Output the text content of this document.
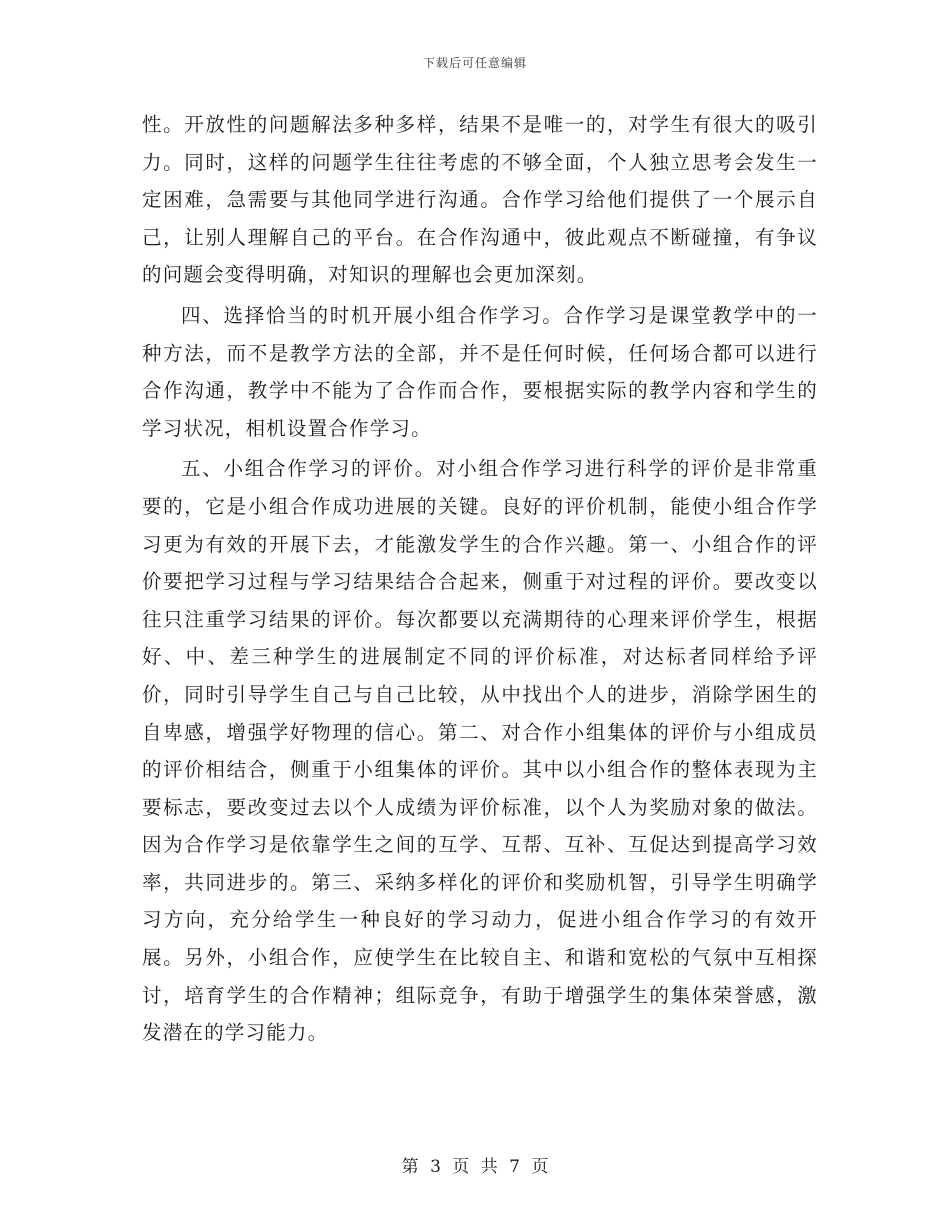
下载后可任意编辑

性。开放性的问题解法多种多样，结果不是唯一的，对学生有很大的吸引力。同时，这样的问题学生往往考虑的不够全面，个人独立思考会发生一定困难，急需要与其他同学进行沟通。合作学习给他们提供了一个展示自己，让别人理解自己的平台。在合作沟通中，彼此观点不断碰撞，有争议的问题会变得明确，对知识的理解也会更加深刻。

四、选择恰当的时机开展小组合作学习。合作学习是课堂教学中的一种方法，而不是教学方法的全部，并不是任何时候，任何场合都可以进行合作沟通，教学中不能为了合作而合作，要根据实际的教学内容和学生的学习状况，相机设置合作学习。

五、小组合作学习的评价。对小组合作学习进行科学的评价是非常重要的，它是小组合作成功进展的关键。良好的评价机制，能使小组合作学习更为有效的开展下去，才能激发学生的合作兴趣。第一、小组合作的评价要把学习过程与学习结果结合合起来，侧重于对过程的评价。要改变以往只注重学习结果的评价。每次都要以充满期待的心理来评价学生，根据好、中、差三种学生的进展制定不同的评价标准，对达标者同样给予评价，同时引导学生自己与自己比较，从中找出个人的进步，消除学困生的自卑感，增强学好物理的信心。第二、对合作小组集体的评价与小组成员的评价相结合，侧重于小组集体的评价。其中以小组合作的整体表现为主要标志，要改变过去以个人成绩为评价标准，以个人为奖励对象的做法。因为合作学习是依靠学生之间的互学、互帮、互补、互促达到提高学习效率，共同进步的。第三、采纳多样化的评价和奖励机智，引导学生明确学习方向，充分给学生一种良好的学习动力，促进小组合作学习的有效开展。另外，小组合作，应使学生在比较自主、和谐和宽松的气氛中互相探讨，培育学生的合作精神；组际竞争，有助于增强学生的集体荣誉感，激发潜在的学习能力。

第 3 页 共 7 页
